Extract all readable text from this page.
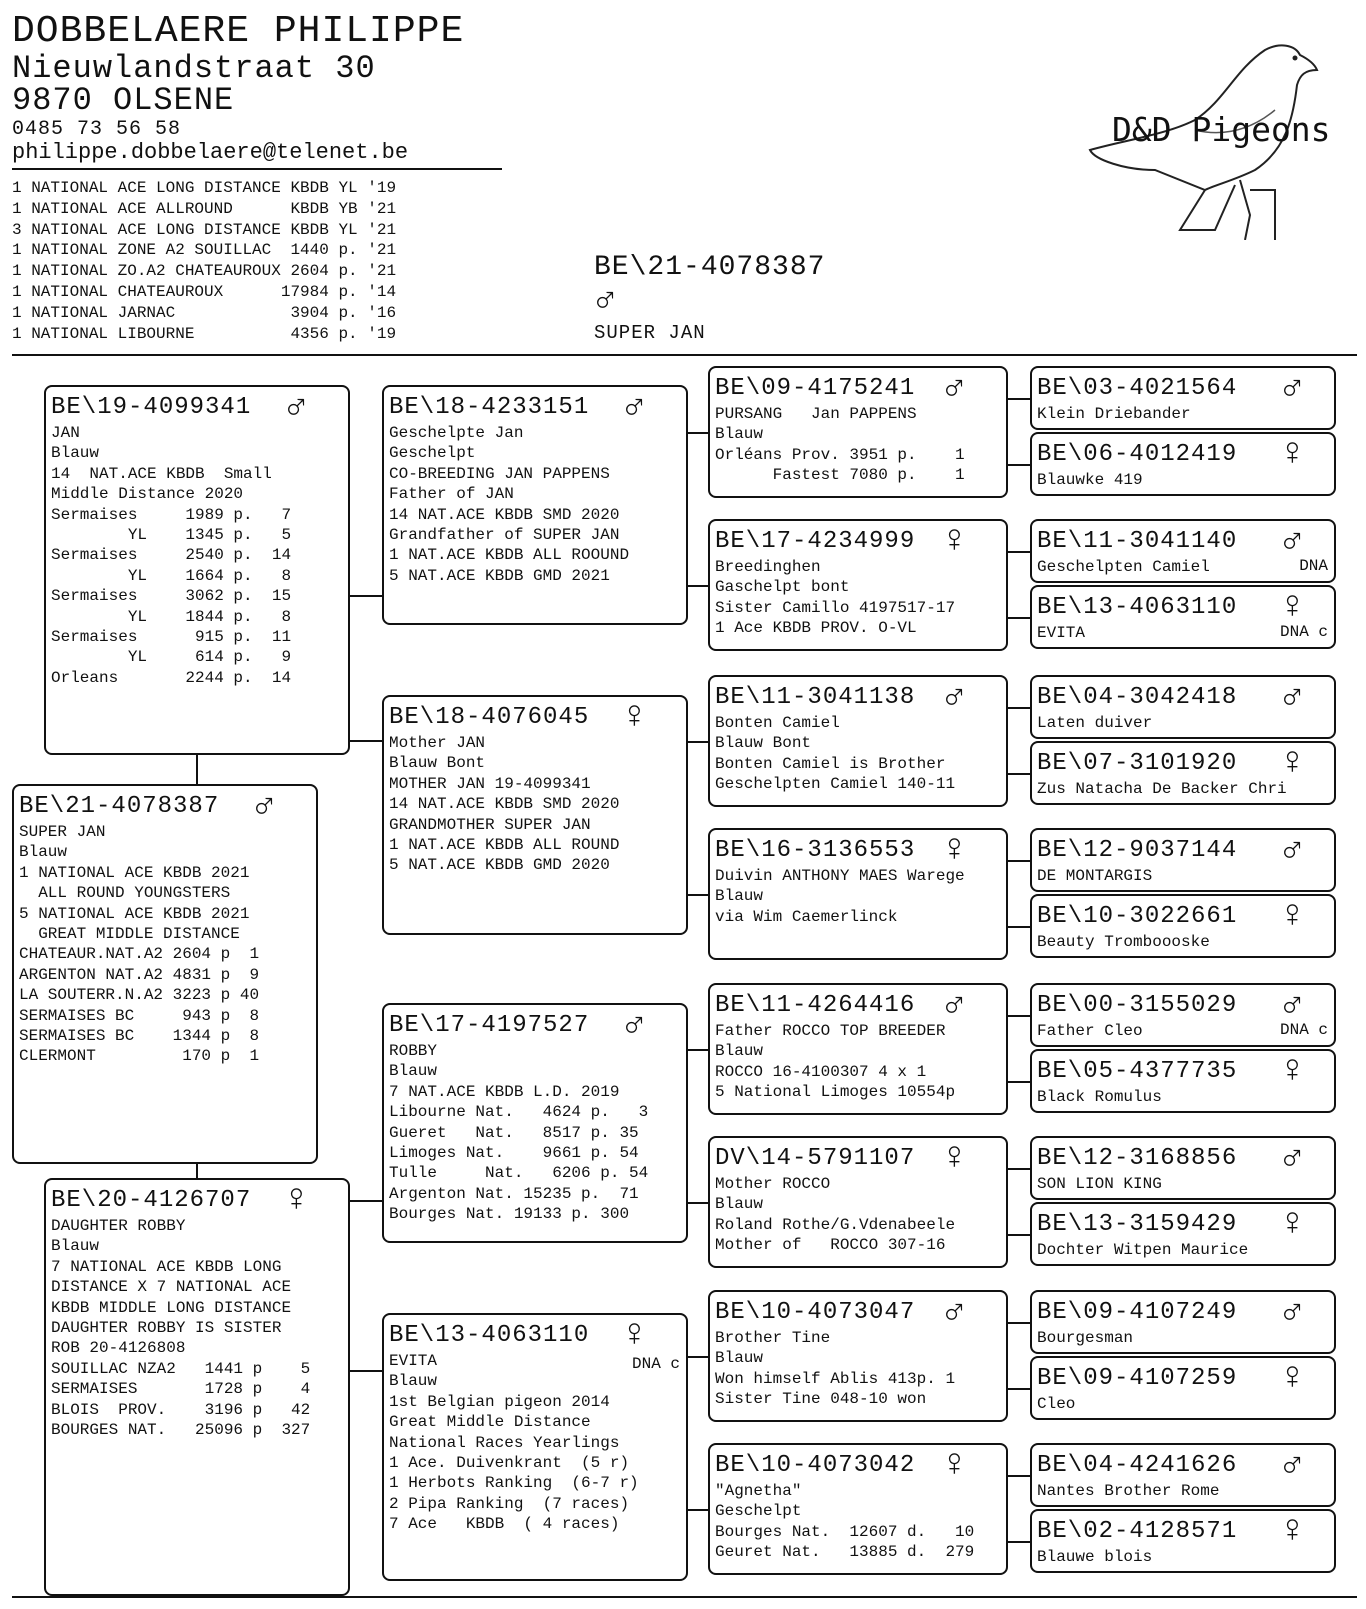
DOBBELAERE PHILIPPE
Nieuwlandstraat 30
9870 OLSENE
0485 73 56 58
philippe.dobbelaere@telenet.be
1 NATIONAL ACE LONG DISTANCE KBDB YL '19
1 NATIONAL ACE ALLROUND      KBDB YB '21
3 NATIONAL ACE LONG DISTANCE KBDB YL '21
1 NATIONAL ZONE A2 SOUILLAC  1440 p. '21
1 NATIONAL ZO.A2 CHATEAUROUX 2604 p. '21
1 NATIONAL CHATEAUROUX      17984 p. '14
1 NATIONAL JARNAC            3904 p. '16
1 NATIONAL LIBOURNE          4356 p. '19
D&D Pigeons
BE\21-4078387
♂
SUPER JAN
BE\19-4099341 ♂
JAN
Blauw
14  NAT.ACE KBDB  Small
Middle Distance 2020
Sermaises     1989 p.   7
YL    1345 p.   5
Sermaises     2540 p.  14
YL    1664 p.   8
Sermaises     3062 p.  15
YL    1844 p.   8
Sermaises      915 p.  11
YL     614 p.   9
Orleans       2244 p.  14
BE\21-4078387 ♂
SUPER JAN
Blauw
1 NATIONAL ACE KBDB 2021
ALL ROUND YOUNGSTERS
5 NATIONAL ACE KBDB 2021
GREAT MIDDLE DISTANCE
CHATEAUR.NAT.A2 2604 p  1
ARGENTON NAT.A2 4831 p  9
LA SOUTERR.N.A2 3223 p 40
SERMAISES BC     943 p  8
SERMAISES BC    1344 p  8
CLERMONT         170 p  1
BE\20-4126707 ♀
DAUGHTER ROBBY
Blauw
7 NATIONAL ACE KBDB LONG
DISTANCE X 7 NATIONAL ACE
KBDB MIDDLE LONG DISTANCE
DAUGHTER ROBBY IS SISTER
ROB 20-4126808
SOUILLAC NZA2   1441 p    5
SERMAISES       1728 p    4
BLOIS  PROV.    3196 p   42
BOURGES NAT.   25096 p  327
BE\18-4233151 ♂
Geschelpte Jan
Geschelpt
CO-BREEDING JAN PAPPENS
Father of JAN
14 NAT.ACE KBDB SMD 2020
Grandfather of SUPER JAN
1 NAT.ACE KBDB ALL ROOUND
5 NAT.ACE KBDB GMD 2021
BE\18-4076045 ♀
Mother JAN
Blauw Bont
MOTHER JAN 19-4099341
14 NAT.ACE KBDB SMD 2020
GRANDMOTHER SUPER JAN
1 NAT.ACE KBDB ALL ROUND
5 NAT.ACE KBDB GMD 2020
BE\17-4197527 ♂
ROBBY
Blauw
7 NAT.ACE KBDB L.D. 2019
Libourne Nat.   4624 p.   3
Gueret   Nat.   8517 p. 35
Limoges Nat.    9661 p. 54
Tulle     Nat.   6206 p. 54
Argenton Nat. 15235 p.  71
Bourges Nat. 19133 p. 300
BE\13-4063110 ♀
DNA c
EVITA
Blauw
1st Belgian pigeon 2014
Great Middle Distance
National Races Yearlings
1 Ace. Duivenkrant  (5 r)
1 Herbots Ranking  (6-7 r)
2 Pipa Ranking  (7 races)
7 Ace   KBDB  ( 4 races)
BE\09-4175241 ♂
PURSANG   Jan PAPPENS
Blauw
Orléans Prov. 3951 p.    1
Fastest 7080 p.    1
BE\17-4234999 ♀
Breedinghen
Gaschelpt bont
Sister Camillo 4197517-17
1 Ace KBDB PROV. O-VL
BE\11-3041138 ♂
Bonten Camiel
Blauw Bont
Bonten Camiel is Brother
Geschelpten Camiel 140-11
BE\16-3136553 ♀
Duivin ANTHONY MAES Warege
Blauw
via Wim Caemerlinck
BE\11-4264416 ♂
Father ROCCO TOP BREEDER
Blauw
ROCCO 16-4100307 4 x 1
5 National Limoges 10554p
DV\14-5791107 ♀
Mother ROCCO
Blauw
Roland Rothe/G.Vdenabeele
Mother of   ROCCO 307-16
BE\10-4073047 ♂
Brother Tine
Blauw
Won himself Ablis 413p. 1
Sister Tine 048-10 won
BE\10-4073042 ♀
"Agnetha"
Geschelpt
Bourges Nat.  12607 d.   10
Geuret Nat.   13885 d.  279
BE\03-4021564 ♂
Klein Driebander
BE\06-4012419 ♀
Blauwke 419
BE\11-3041140 ♂
DNA
Geschelpten Camiel
BE\13-4063110 ♀
DNA c
EVITA
BE\04-3042418 ♂
Laten duiver
BE\07-3101920 ♀
Zus Natacha De Backer Chri
BE\12-9037144 ♂
DE MONTARGIS
BE\10-3022661 ♀
Beauty Tromboooske
BE\00-3155029 ♂
DNA c
Father Cleo
BE\05-4377735 ♀
Black Romulus
BE\12-3168856 ♂
SON LION KING
BE\13-3159429 ♀
Dochter Witpen Maurice
BE\09-4107249 ♂
Bourgesman
BE\09-4107259 ♀
Cleo
BE\04-4241626 ♂
Nantes Brother Rome
BE\02-4128571 ♀
Blauwe blois
